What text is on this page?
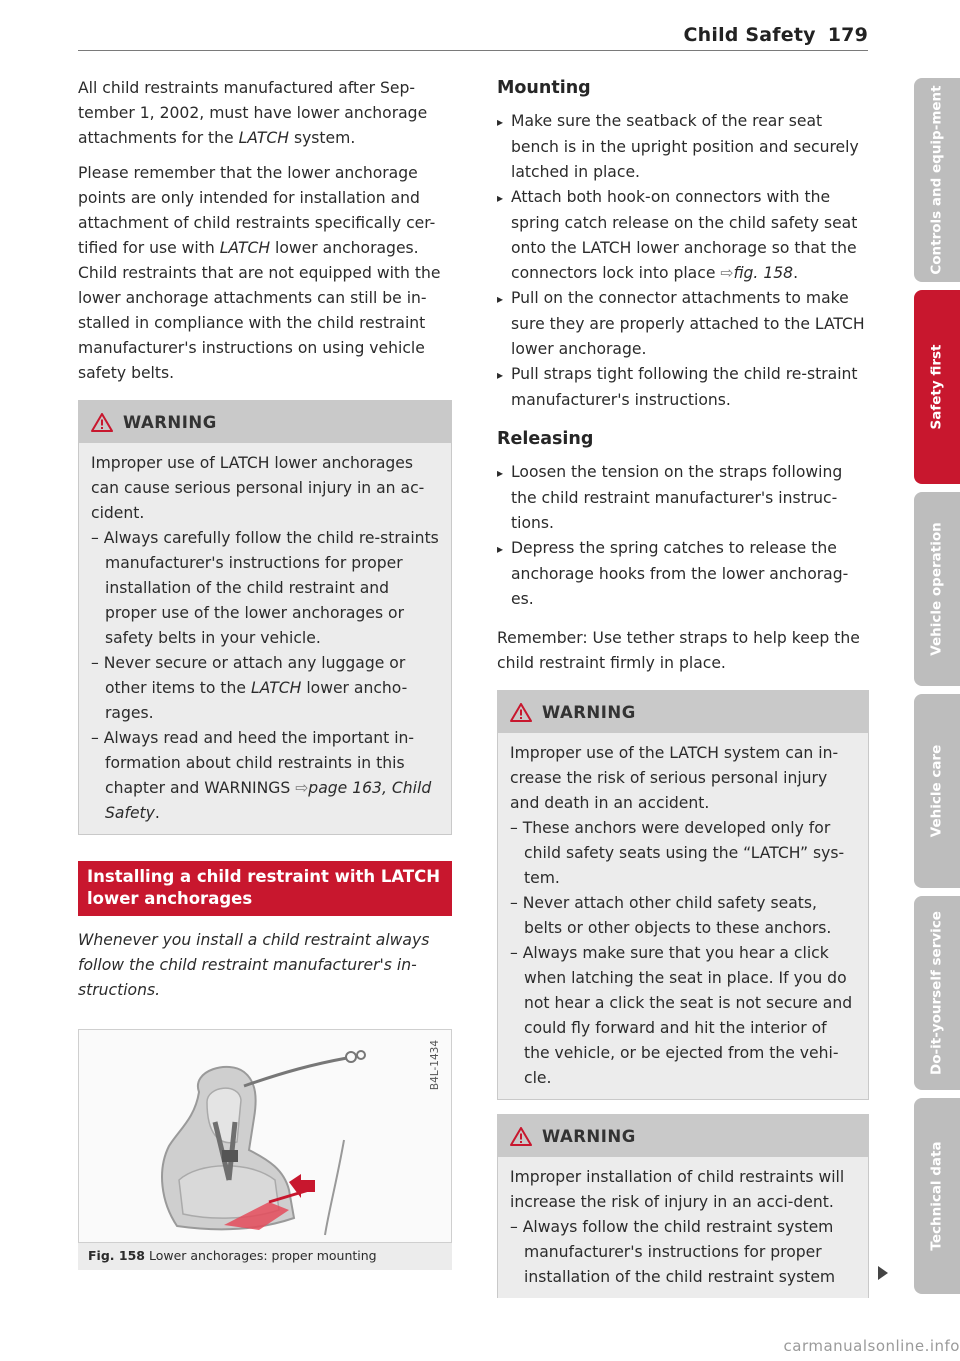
Child Safety 179

All child restraints manufactured after Sep-tember 1, 2002, must have lower anchorage attachments for the LATCH system.

Please remember that the lower anchorage points are only intended for installation and attachment of child restraints specifically cer-tified for use with LATCH lower anchorages. Child restraints that are not equipped with the lower anchorage attachments can still be in-stalled in compliance with the child restraint manufacturer's instructions on using vehicle safety belts.

WARNING

Improper use of LATCH lower anchorages can cause serious personal injury in an ac-cident.

– Always carefully follow the child re-straints manufacturer's instructions for proper installation of the child restraint and proper use of the lower anchorages or safety belts in your vehicle.

– Never secure or attach any luggage or other items to the LATCH lower ancho-rages.

– Always read and heed the important in-formation about child restraints in this chapter and WARNINGS ⇨page 163, Child Safety.

Installing a child restraint with LATCH lower anchorages

Whenever you install a child restraint always follow the child restraint manufacturer's in-structions.

B4L-1434
Fig. 158 Lower anchorages: proper mounting
Mounting

▸ Make sure the seatback of the rear seat bench is in the upright position and securely latched in place.

▸ Attach both hook-on connectors with the spring catch release on the child safety seat onto the LATCH lower anchorage so that the connectors lock into place ⇨fig. 158.

▸ Pull on the connector attachments to make sure they are properly attached to the LATCH lower anchorage.

▸ Pull straps tight following the child re-straint manufacturer's instructions.

Releasing

▸ Loosen the tension on the straps following the child restraint manufacturer's instruc-tions.

▸ Depress the spring catches to release the anchorage hooks from the lower anchorag-es.

Remember: Use tether straps to help keep the child restraint firmly in place.

WARNING

Improper use of the LATCH system can in-crease the risk of serious personal injury and death in an accident.

– These anchors were developed only for child safety seats using the “LATCH” sys-tem.

– Never attach other child safety seats, belts or other objects to these anchors.

– Always make sure that you hear a click when latching the seat in place. If you do not hear a click the seat is not secure and could fly forward and hit the interior of the vehicle, or be ejected from the vehi-cle.

WARNING

Improper installation of child restraints will increase the risk of injury in an acci-dent.

– Always follow the child restraint system manufacturer's instructions for proper installation of the child restraint system

Controls and equip-ment
Safety first
Vehicle operation
Vehicle care
Do-it-yourself service
Technical data
carmanualsonline.info
